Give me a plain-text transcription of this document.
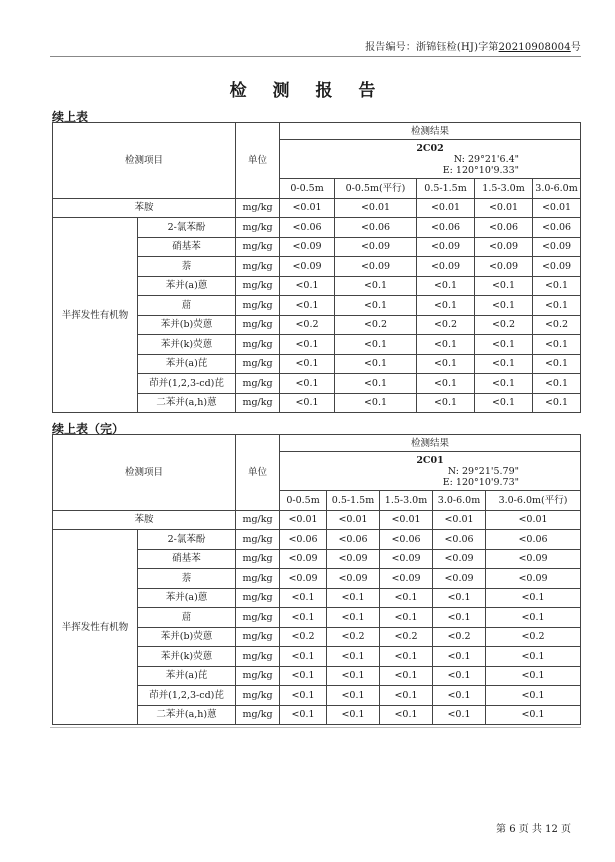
报告编号：浙锦钰检(HJ)字第20210908004号
检 测 报 告
续上表
检测项目		单位	检测结果				

			2C02
N: 29°21'6.4"
E: 120°10'9.33"				

			0-0.5m	0-0.5m(平行)	0.5-1.5m	1.5-3.0m	3.0-6.0m
苯胺		mg/kg	<0.01	<0.01	<0.01	<0.01	<0.01
半挥发性有机物	2-氯苯酚	mg/kg	<0.06	<0.06	<0.06	<0.06	<0.06
	硝基苯	mg/kg	<0.09	<0.09	<0.09	<0.09	<0.09
	萘	mg/kg	<0.09	<0.09	<0.09	<0.09	<0.09
	苯并(a)蒽	mg/kg	<0.1	<0.1	<0.1	<0.1	<0.1
	䓛	mg/kg	<0.1	<0.1	<0.1	<0.1	<0.1
	苯并(b)荧蒽	mg/kg	<0.2	<0.2	<0.2	<0.2	<0.2
	苯并(k)荧蒽	mg/kg	<0.1	<0.1	<0.1	<0.1	<0.1
	苯并(a)芘	mg/kg	<0.1	<0.1	<0.1	<0.1	<0.1
	茚并(1,2,3-cd)芘	mg/kg	<0.1	<0.1	<0.1	<0.1	<0.1
	二苯并(a,h)蒽	mg/kg	<0.1	<0.1	<0.1	<0.1	<0.1
续上表（完）
检测项目		单位	检测结果				

			2C01
N: 29°21'5.79"
E: 120°10'9.73"				

			0-0.5m	0.5-1.5m	1.5-3.0m	3.0-6.0m	3.0-6.0m(平行)
苯胺		mg/kg	<0.01	<0.01	<0.01	<0.01	<0.01
半挥发性有机物	2-氯苯酚	mg/kg	<0.06	<0.06	<0.06	<0.06	<0.06
	硝基苯	mg/kg	<0.09	<0.09	<0.09	<0.09	<0.09
	萘	mg/kg	<0.09	<0.09	<0.09	<0.09	<0.09
	苯并(a)蒽	mg/kg	<0.1	<0.1	<0.1	<0.1	<0.1
	䓛	mg/kg	<0.1	<0.1	<0.1	<0.1	<0.1
	苯并(b)荧蒽	mg/kg	<0.2	<0.2	<0.2	<0.2	<0.2
	苯并(k)荧蒽	mg/kg	<0.1	<0.1	<0.1	<0.1	<0.1
	苯并(a)芘	mg/kg	<0.1	<0.1	<0.1	<0.1	<0.1
	茚并(1,2,3-cd)芘	mg/kg	<0.1	<0.1	<0.1	<0.1	<0.1
	二苯并(a,h)蒽	mg/kg	<0.1	<0.1	<0.1	<0.1	<0.1
第 6 页 共 12 页
